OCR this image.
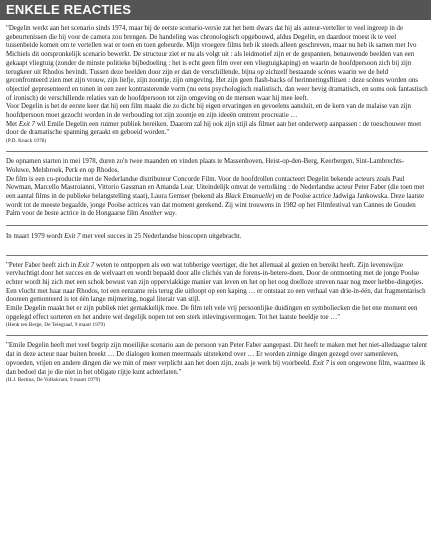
ENKELE REACTIES

"Degelin werkt aan het scenario sinds 1974, maar bij de eerste scenario-versie zat het hem dwars dat hij als auteur-verteller te veel ingreep in de gebeurtenissen die hij voor de camera zou brengen. De handeling was chronologisch opgebouwd, aldus Degelin, en daardoor moest ik te veel tussenbeide komen om te vertellen wat er toen en toen gebeurde. Mijn vroegere films heb ik steeds alleen geschreven, maar nu heb ik samen met Ivo Michiels dit oorspronkelijk scenario bewerkt. De structuur ziet er nu als volgt uit : als leidmotief zijn er de gespannen, benauwende beelden van een gekaapt vliegtuig (zonder de minste politieke bijbedoeling : het is echt geen film over een vliegtuigkaping) en waarin de hoofdpersoon zich bij zijn terugkeer uit Rhodos bevindt. Tussen deze beelden door zijn er dan de verschillende, bijna op zichzelf bestaande scènes waarin we de held geconfronteerd zien met zijn vrouw, zijn liefje, zijn zoontje, zijn omgeving. Het zijn geen flash-backs of herinneringsflitsen : deze scènes worden ons objectief gepresenteerd en tonen in een zeer kontrasterende vorm (nu eens psychologisch realistisch, dan weer hevig dramatisch, en soms ook fantastisch of ironisch) de verschillende relaties van de hoofdpersoon tot zijn omgeving en de mensen waar hij mee leeft.

Voor Degelin is het de eerste keer dat hij een film maakt die zo dicht bij eigen ervaringen en gevoelens aansluit, en de kern van de malaise van zijn hoofdpersoon moet gezocht worden in de verhouding tot zijn zoontje en zijn ideeën omtrent procreatie …

Met Exit 7 wil Emile Degelin een ruimer publiek bereiken. Daarom zal hij ook zijn stijl als filmer aan het onderwerp aanpassen : de toeschouwer moet door de dramatische spanning geraakt en geboeid worden."

(P.D. Knack 1978)

De opnamen starten in mei 1978, duren zo'n twee maanden en vinden plaats te Massenhoven, Heist-op-den-Berg, Keerbergen, Sint-Lambrechts-Woluwe, Melsbroek, Perk en op Rhodos.

De film is een co-productie met de Nederlandse distributeur Concorde Film. Voor de hoofdrollen contacteert Degelin bekende acteurs zoals Paul Newman, Marcello Mastroianni, Vittorio Gassman en Amanda Lear. Uiteindelijk omvat de vertolking : de Nederlandse acteur Peter Faber (die toen met een aantal films in de publieke belangstelling staat), Laura Gemser (bekend als Black Emanuelle) en de Poolse actrice Jadwiga Jankowska. Deze laatste wordt tot de meeste begaafde, jonge Poolse actrices van dat moment gerekend. Zij wint trouwens in 1982 op het Filmfestival van Cannes de Gouden Palm voor de beste actrice in de Hongaarse film Another way.

In maart 1979 wordt Exit 7 met veel succes in 25 Nederlandse bioscopen uitgebracht.

"Peter Faber heeft zich in Exit 7 weten te ontpoppen als een wat tobberige veertiger, die het allemaal al gezien en bereikt heeft. Zijn levenswijze vervluchtigt door het succes en de welvaart en wordt bepaald door alle clichés van de forens-in-betere-doen. Door de ontmoeting met de jonge Poolse echter wordt hij zich met een schok bewust van zijn opperviakkige manier van leven en het op het oog doelloze streven naar nog meer hebbe-dingetjes. Een vlucht met haar naar Rhodos, tot een eenzame reis terug die uitloopt op een kaping … er ontstaat zo een verhaal van drie-in-één, dat fragmentarisch dooreen gemonteerd is tot één lange mijmering, nogal literair van stijl.

Emile Degelin maakt het er zijn publiek niet gemakkelijk mee. De film telt vele vrij persoonlijke duidingen en symboliecken die het ene moment een opgelegd effect sorteren en het andere wel degelijk nopen tot een sterk inlevingsvermogen. Tot het laatste beeldje toe …"

(Henk ten Berge, De Telegraaf, 9 maart 1979)

"Emile Degelin heeft met veel begrip zijn moeilijke scenario aan de persoon van Peter Faber aangepast. Dit heeft te maken met het niet-alledaagse talent dat in deze acteur naar buiten breekt … De dialogen komen meermaals uitstekend over … Er worden zinnige dingen gezegd over samenleven, opvoeden, vrijen en andere dingen die we min of meer verplicht aan het doen zijn, zoals je werk bij voorbeeld. Exit 7 is een ongewone film, waarmee ik dan bedoel dat je die niet in het obligate rijtje kunt achterlaten."

(H.J. Bertina, De Volkskrant, 9 maart 1979)
